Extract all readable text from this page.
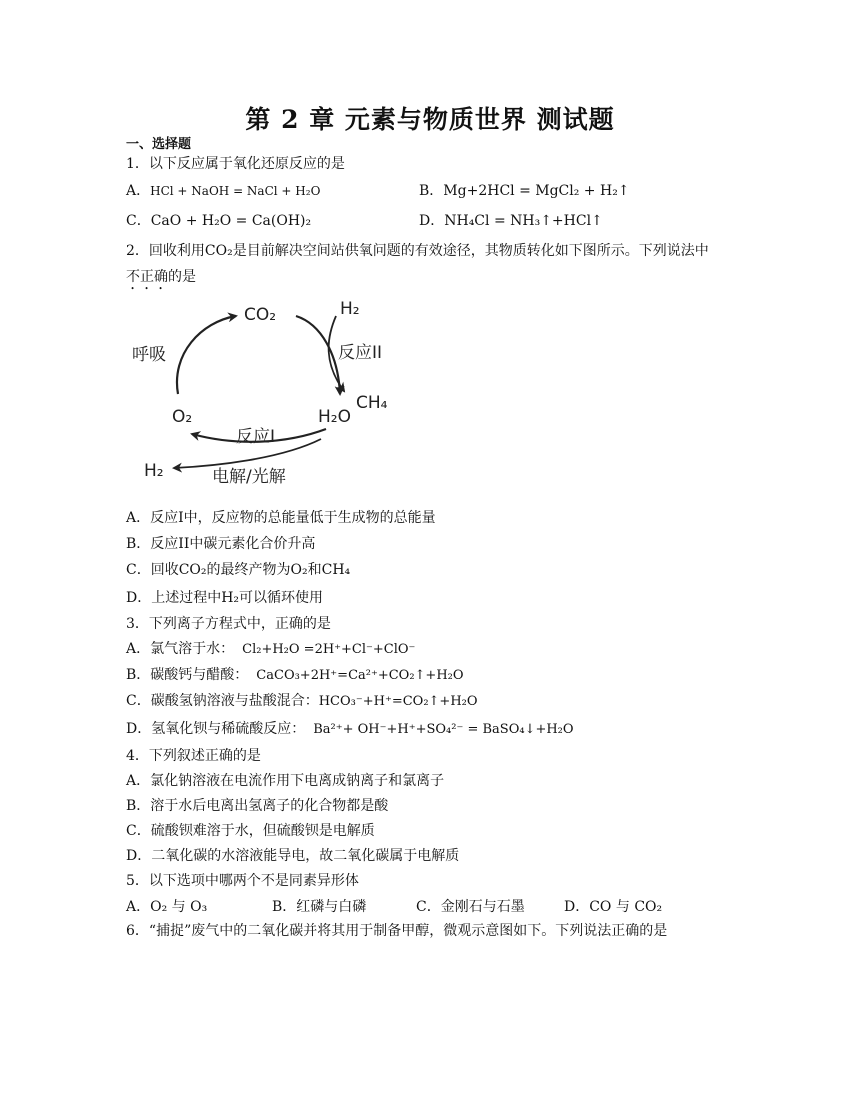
第 2 章 元素与物质世界 测试题
一、选择题
1．以下反应属于氧化还原反应的是
A．HCl + NaOH = NaCl + H₂O	B．Mg+2HCl = MgCl₂ + H₂↑
C．CaO + H₂O = Ca(OH)₂	D．NH₄Cl = NH₃↑+HCl↑
2．回收利用CO₂是目前解决空间站供氧问题的有效途径，其物质转化如下图所示。下列说法中
不正确的是
CO₂	H₂
反应II
CH₄
H₂O
O₂
反应I
H₂	电解/光解
呼吸
A．反应I中，反应物的总能量低于生成物的总能量
B．反应II中碳元素化合价升高
C．回收CO₂的最终产物为O₂和CH₄
D．上述过程中H₂可以循环使用
3．下列离子方程式中，正确的是
A．氯气溶于水： Cl₂+H₂O =2H⁺+Cl⁻+ClO⁻
B．碳酸钙与醋酸： CaCO₃+2H⁺=Ca²⁺+CO₂↑+H₂O
C．碳酸氢钠溶液与盐酸混合：HCO₃⁻+H⁺=CO₂↑+H₂O
D．氢氧化钡与稀硫酸反应： Ba²⁺+ OH⁻+H⁺+SO₄²⁻ = BaSO₄↓+H₂O
4．下列叙述正确的是
A．氯化钠溶液在电流作用下电离成钠离子和氯离子
B．溶于水后电离出氢离子的化合物都是酸
C．硫酸钡难溶于水，但硫酸钡是电解质
D．二氧化碳的水溶液能导电，故二氧化碳属于电解质
5．以下选项中哪两个不是同素异形体
A．O₂ 与 O₃	B．红磷与白磷	C．金刚石与石墨	D．CO 与 CO₂
6．“捕捉”废气中的二氧化碳并将其用于制备甲醇，微观示意图如下。下列说法正确的是
